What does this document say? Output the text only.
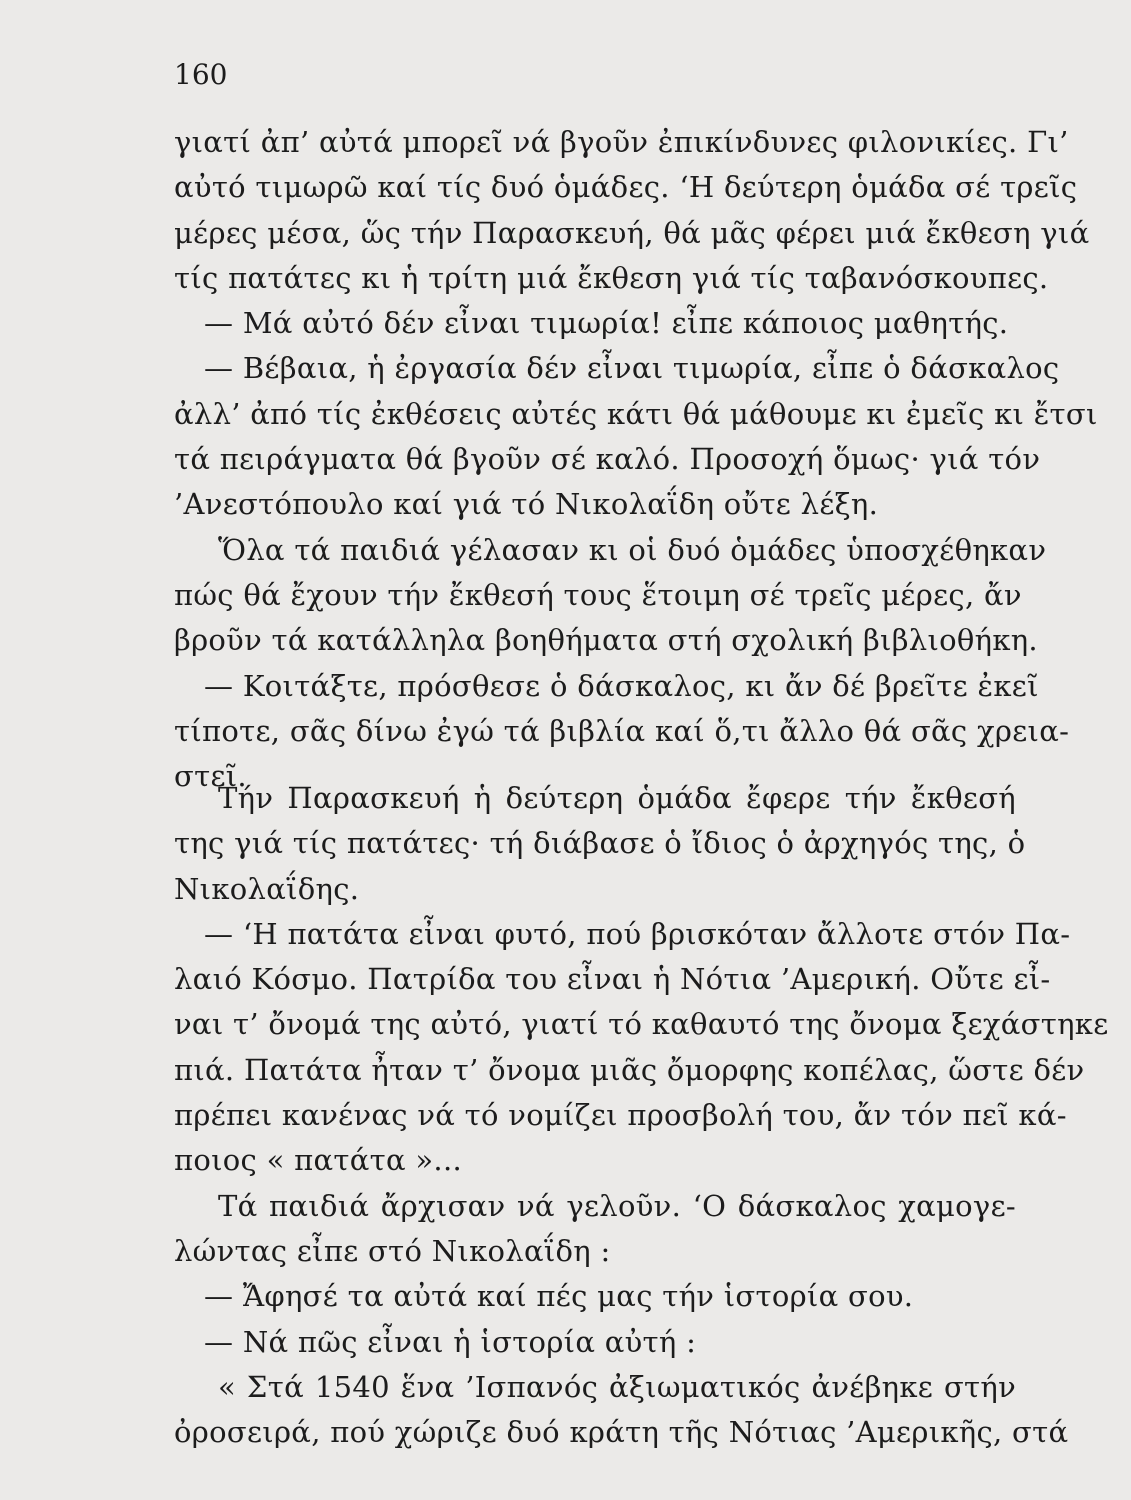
160
γιατί ἀπ’ αὐτά μπορεῖ νά βγοῦν ἐπικίνδυνες φιλονικίες. Γι’
αὐτό τιμωρῶ καί τίς δυό ὁμάδες. ‘Η δεύτερη ὁμάδα σέ τρεῖς
μέρες μέσα, ὥς τήν Παρασκευή, θά μᾶς φέρει μιά ἔκθεση γιά
τίς πατάτες κι ἡ τρίτη μιά ἔκθεση γιά τίς ταβανόσκουπες.
— Μά αὐτό δέν εἶναι τιμωρία! εἶπε κάποιος μαθητής.
— Βέβαια, ἡ ἐργασία δέν εἶναι τιμωρία, εἶπε ὁ δάσκαλος
ἀλλ’ ἀπό τίς ἐκθέσεις αὐτές κάτι θά μάθουμε κι ἐμεῖς κι ἔτσι
τά πειράγματα θά βγοῦν σέ καλό. Προσοχή ὅμως· γιά τόν
’Ανεστόπουλο καί γιά τό Νικολαΐδη οὔτε λέξη.
Ὅλα τά παιδιά γέλασαν κι οἱ δυό ὁμάδες ὑποσχέθηκαν
πώς θά ἔχουν τήν ἔκθεσή τους ἕτοιμη σέ τρεῖς μέρες, ἄν
βροῦν τά κατάλληλα βοηθήματα στή σχολική βιβλιοθήκη.
— Κοιτάξτε, πρόσθεσε ὁ δάσκαλος, κι ἄν δέ βρεῖτε ἐκεῖ
τίποτε, σᾶς δίνω ἐγώ τά βιβλία καί ὅ,τι ἄλλο θά σᾶς χρεια-
στεῖ.
Τήν Παρασκευή ἡ δεύτερη ὁμάδα ἔφερε τήν ἔκθεσή
της γιά τίς πατάτες· τή διάβασε ὁ ἴδιος ὁ ἀρχηγός της, ὁ
Νικολαΐδης.
— ‘Η πατάτα εἶναι φυτό, πού βρισκόταν ἄλλοτε στόν Πα-
λαιό Κόσμο. Πατρίδα του εἶναι ἡ Νότια ’Αμερική. Οὔτε εἶ-
ναι τ’ ὄνομά της αὐτό, γιατί τό καθαυτό της ὄνομα ξεχάστηκε
πιά. Πατάτα ἦταν τ’ ὄνομα μιᾶς ὄμορφης κοπέλας, ὥστε δέν
πρέπει κανένας νά τό νομίζει προσβολή του, ἄν τόν πεῖ κά-
ποιος « πατάτα »...
Τά παιδιά ἄρχισαν νά γελοῦν. ‘Ο δάσκαλος χαμογε-
λώντας εἶπε στό Νικολαΐδη :
— Ἄφησέ τα αὐτά καί πές μας τήν ἱστορία σου.
— Νά πῶς εἶναι ἡ ἱστορία αὐτή :
« Στά 1540 ἕνα ’Ισπανός ἀξιωματικός ἀνέβηκε στήν
ὀροσειρά, πού χώριζε δυό κράτη τῆς Νότιας ’Αμερικῆς, στά
